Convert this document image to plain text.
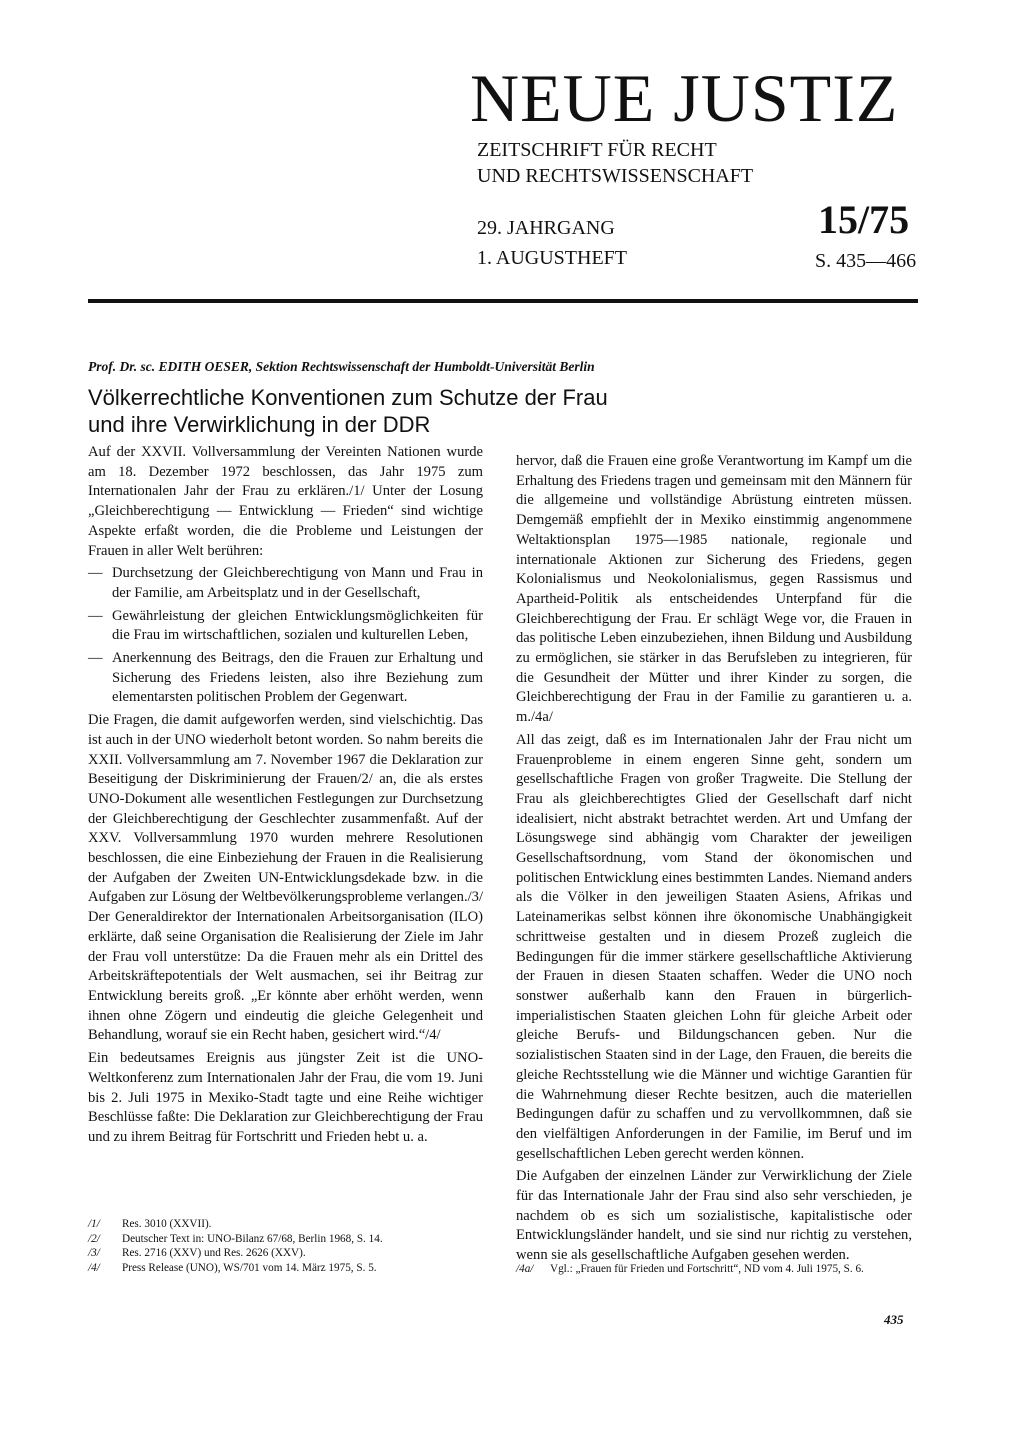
NEUE JUSTIZ
ZEITSCHRIFT FÜR RECHT
UND RECHTSWISSENSCHAFT
29. JAHRGANG
1. AUGUSTHEFT
15/75
S. 435—466
Prof. Dr. sc. EDITH OESER, Sektion Rechtswissenschaft der Humboldt-Universität Berlin
Völkerrechtliche Konventionen zum Schutze der Frau
und ihre Verwirklichung in der DDR

Auf der XXVII. Vollversammlung der Vereinten Nationen wurde am 18. Dezember 1972 beschlossen, das Jahr 1975 zum Internationalen Jahr der Frau zu erklären./1/ Unter der Losung „Gleichberechtigung — Entwicklung — Frieden“ sind wichtige Aspekte erfaßt worden, die die Probleme und Leistungen der Frauen in aller Welt berühren:

— Durchsetzung der Gleichberechtigung von Mann und Frau in der Familie, am Arbeitsplatz und in der Gesellschaft,
— Gewährleistung der gleichen Entwicklungsmöglichkeiten für die Frau im wirtschaftlichen, sozialen und kulturellen Leben,
— Anerkennung des Beitrags, den die Frauen zur Erhaltung und Sicherung des Friedens leisten, also ihre Beziehung zum elementarsten politischen Problem der Gegenwart.

Die Fragen, die damit aufgeworfen werden, sind vielschichtig. Das ist auch in der UNO wiederholt betont worden. So nahm bereits die XXII. Vollversammlung am 7. November 1967 die Deklaration zur Beseitigung der Diskriminierung der Frauen/2/ an, die als erstes UNO-Dokument alle wesentlichen Festlegungen zur Durchsetzung der Gleichberechtigung der Geschlechter zusammenfaßt. Auf der XXV. Vollversammlung 1970 wurden mehrere Resolutionen beschlossen, die eine Einbeziehung der Frauen in die Realisierung der Aufgaben der Zweiten UN-Entwicklungsdekade bzw. in die Aufgaben zur Lösung der Weltbevölkerungsprobleme verlangen./3/ Der Generaldirektor der Internationalen Arbeitsorganisation (ILO) erklärte, daß seine Organisation die Realisierung der Ziele im Jahr der Frau voll unterstütze: Da die Frauen mehr als ein Drittel des Arbeitskräftepotentials der Welt ausmachen, sei ihr Beitrag zur Entwicklung bereits groß. „Er könnte aber erhöht werden, wenn ihnen ohne Zögern und eindeutig die gleiche Gelegenheit und Behandlung, worauf sie ein Recht haben, gesichert wird.“/4/

Ein bedeutsames Ereignis aus jüngster Zeit ist die UNO-Weltkonferenz zum Internationalen Jahr der Frau, die vom 19. Juni bis 2. Juli 1975 in Mexiko-Stadt tagte und eine Reihe wichtiger Beschlüsse faßte: Die Deklaration zur Gleichberechtigung der Frau und zu ihrem Beitrag für Fortschritt und Frieden hebt u. a.

hervor, daß die Frauen eine große Verantwortung im Kampf um die Erhaltung des Friedens tragen und gemeinsam mit den Männern für die allgemeine und vollständige Abrüstung eintreten müssen. Demgemäß empfiehlt der in Mexiko einstimmig angenommene Weltaktionsplan 1975—1985 nationale, regionale und internationale Aktionen zur Sicherung des Friedens, gegen Kolonialismus und Neokolonialismus, gegen Rassismus und Apartheid-Politik als entscheidendes Unterpfand für die Gleichberechtigung der Frau. Er schlägt Wege vor, die Frauen in das politische Leben einzubeziehen, ihnen Bildung und Ausbildung zu ermöglichen, sie stärker in das Berufsleben zu integrieren, für die Gesundheit der Mütter und ihrer Kinder zu sorgen, die Gleichberechtigung der Frau in der Familie zu garantieren u. a. m./4a/

All das zeigt, daß es im Internationalen Jahr der Frau nicht um Frauenprobleme in einem engeren Sinne geht, sondern um gesellschaftliche Fragen von großer Tragweite. Die Stellung der Frau als gleichberechtigtes Glied der Gesellschaft darf nicht idealisiert, nicht abstrakt betrachtet werden. Art und Umfang der Lösungswege sind abhängig vom Charakter der jeweiligen Gesellschaftsordnung, vom Stand der ökonomischen und politischen Entwicklung eines bestimmten Landes. Niemand anders als die Völker in den jeweiligen Staaten Asiens, Afrikas und Lateinamerikas selbst können ihre ökonomische Unabhängigkeit schrittweise gestalten und in diesem Prozeß zugleich die Bedingungen für die immer stärkere gesellschaftliche Aktivierung der Frauen in diesen Staaten schaffen. Weder die UNO noch sonstwer außerhalb kann den Frauen in bürgerlich-imperialistischen Staaten gleichen Lohn für gleiche Arbeit oder gleiche Berufs- und Bildungschancen geben. Nur die sozialistischen Staaten sind in der Lage, den Frauen, die bereits die gleiche Rechtsstellung wie die Männer und wichtige Garantien für die Wahrnehmung dieser Rechte besitzen, auch die materiellen Bedingungen dafür zu schaffen und zu vervollkommnen, daß sie den vielfältigen Anforderungen in der Familie, im Beruf und im gesellschaftlichen Leben gerecht werden können.

Die Aufgaben der einzelnen Länder zur Verwirklichung der Ziele für das Internationale Jahr der Frau sind also sehr verschieden, je nachdem ob es sich um sozialistische, kapitalistische oder Entwicklungsländer handelt, und sie sind nur richtig zu verstehen, wenn sie als gesellschaftliche Aufgaben gesehen werden.

/1/ Res. 3010 (XXVII).
/2/ Deutscher Text in: UNO-Bilanz 67/68, Berlin 1968, S. 14.
/3/ Res. 2716 (XXV) und Res. 2626 (XXV).
/4/ Press Release (UNO), WS/701 vom 14. März 1975, S. 5.	/4a/ Vgl.: „Frauen für Frieden und Fortschritt“, ND vom 4. Juli 1975, S. 6.
435
